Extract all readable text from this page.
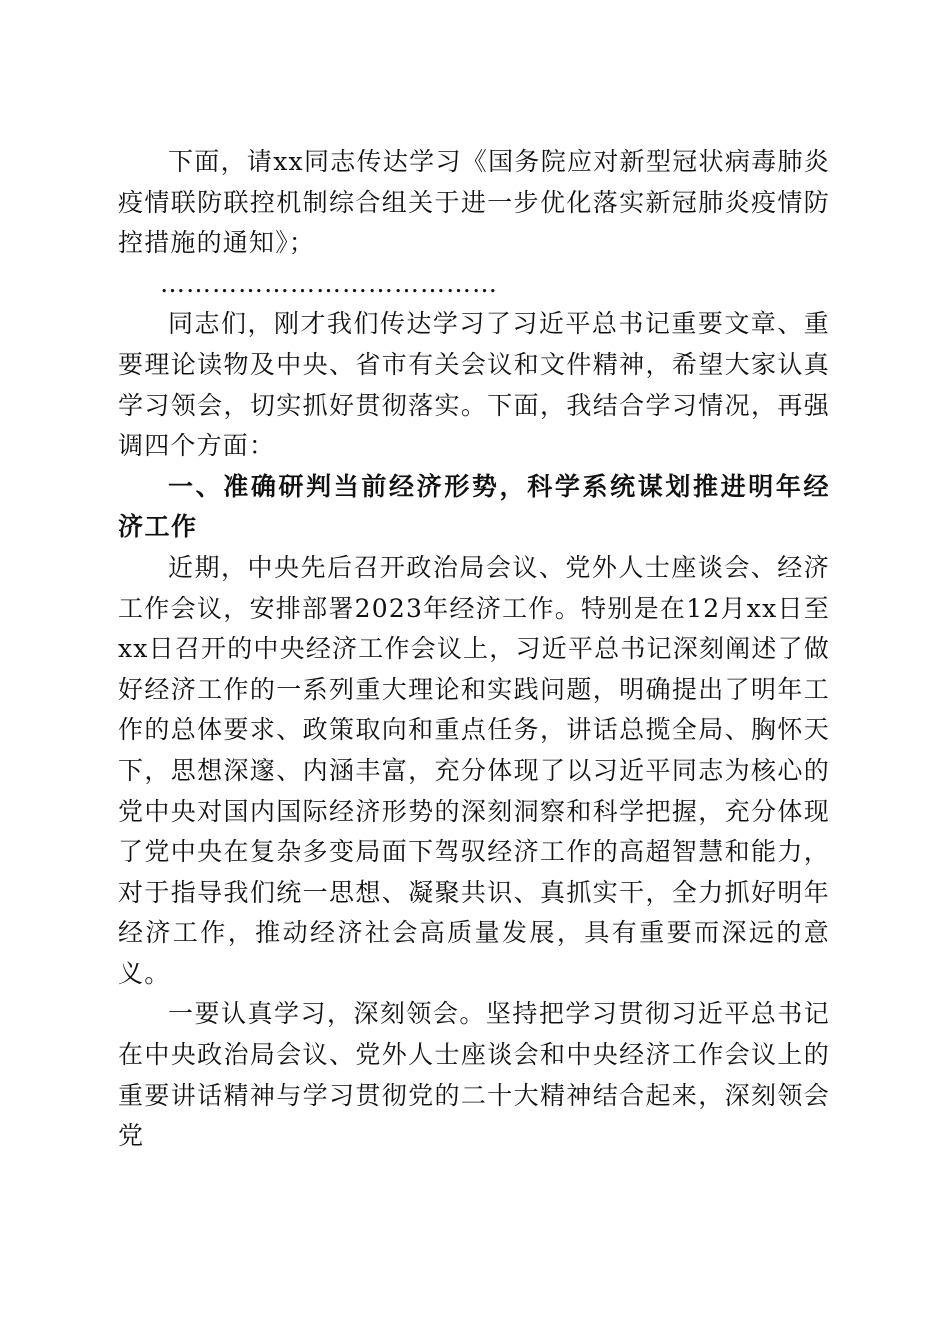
下面，请xx同志传达学习《国务院应对新型冠状病毒肺炎疫情联防联控机制综合组关于进一步优化落实新冠肺炎疫情防控措施的通知》；

…………………………………

同志们，刚才我们传达学习了习近平总书记重要文章、重要理论读物及中央、省市有关会议和文件精神，希望大家认真学习领会，切实抓好贯彻落实。下面，我结合学习情况，再强调四个方面：

一、准确研判当前经济形势，科学系统谋划推进明年经济工作

近期，中央先后召开政治局会议、党外人士座谈会、经济工作会议，安排部署2023年经济工作。特别是在12月xx日至xx日召开的中央经济工作会议上，习近平总书记深刻阐述了做好经济工作的一系列重大理论和实践问题，明确提出了明年工作的总体要求、政策取向和重点任务，讲话总揽全局、胸怀天下，思想深邃、内涵丰富，充分体现了以习近平同志为核心的党中央对国内国际经济形势的深刻洞察和科学把握，充分体现了党中央在复杂多变局面下驾驭经济工作的高超智慧和能力，对于指导我们统一思想、凝聚共识、真抓实干，全力抓好明年经济工作，推动经济社会高质量发展，具有重要而深远的意义。

一要认真学习，深刻领会。坚持把学习贯彻习近平总书记在中央政治局会议、党外人士座谈会和中央经济工作会议上的重要讲话精神与学习贯彻党的二十大精神结合起来，深刻领会党
